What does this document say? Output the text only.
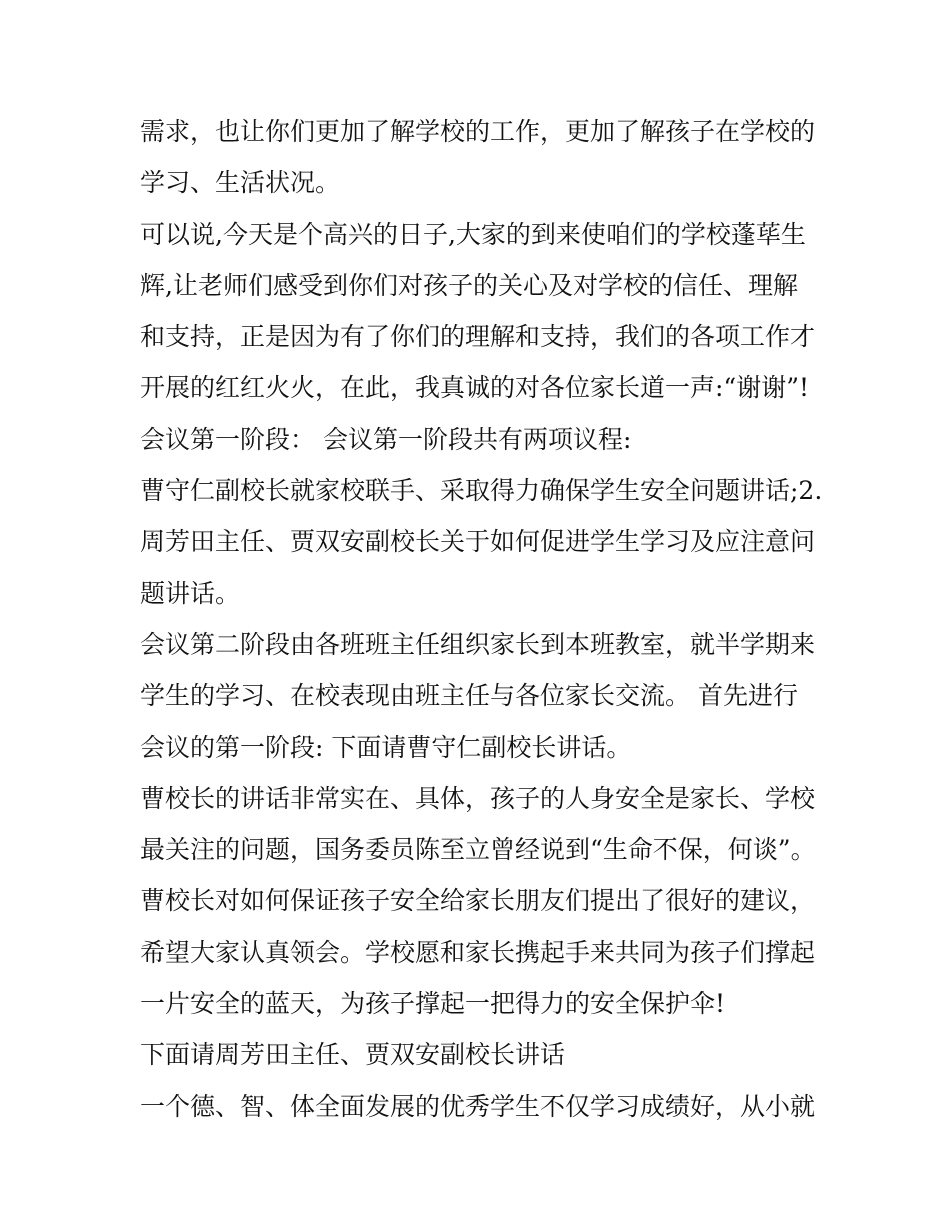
需求，也让你们更加了解学校的工作，更加了解孩子在学校的

学习、生活状况。

可以说,今天是个高兴的日子,大家的到来使咱们的学校蓬荜生

辉,让老师们感受到你们对孩子的关心及对学校的信任、理解

和支持，正是因为有了你们的理解和支持，我们的各项工作才

开展的红红火火，在此，我真诚的对各位家长道一声:“谢谢”!

会议第一阶段： 会议第一阶段共有两项议程:

曹守仁副校长就家校联手、采取得力确保学生安全问题讲话;2.

周芳田主任、贾双安副校长关于如何促进学生学习及应注意问

题讲话。

会议第二阶段由各班班主任组织家长到本班教室，就半学期来

学生的学习、在校表现由班主任与各位家长交流。 首先进行

会议的第一阶段: 下面请曹守仁副校长讲话。

曹校长的讲话非常实在、具体，孩子的人身安全是家长、学校

最关注的问题，国务委员陈至立曾经说到“生命不保，何谈”。

曹校长对如何保证孩子安全给家长朋友们提出了很好的建议，

希望大家认真领会。学校愿和家长携起手来共同为孩子们撑起

一片安全的蓝天，为孩子撑起一把得力的安全保护伞!

下面请周芳田主任、贾双安副校长讲话

一个德、智、体全面发展的优秀学生不仅学习成绩好，从小就
